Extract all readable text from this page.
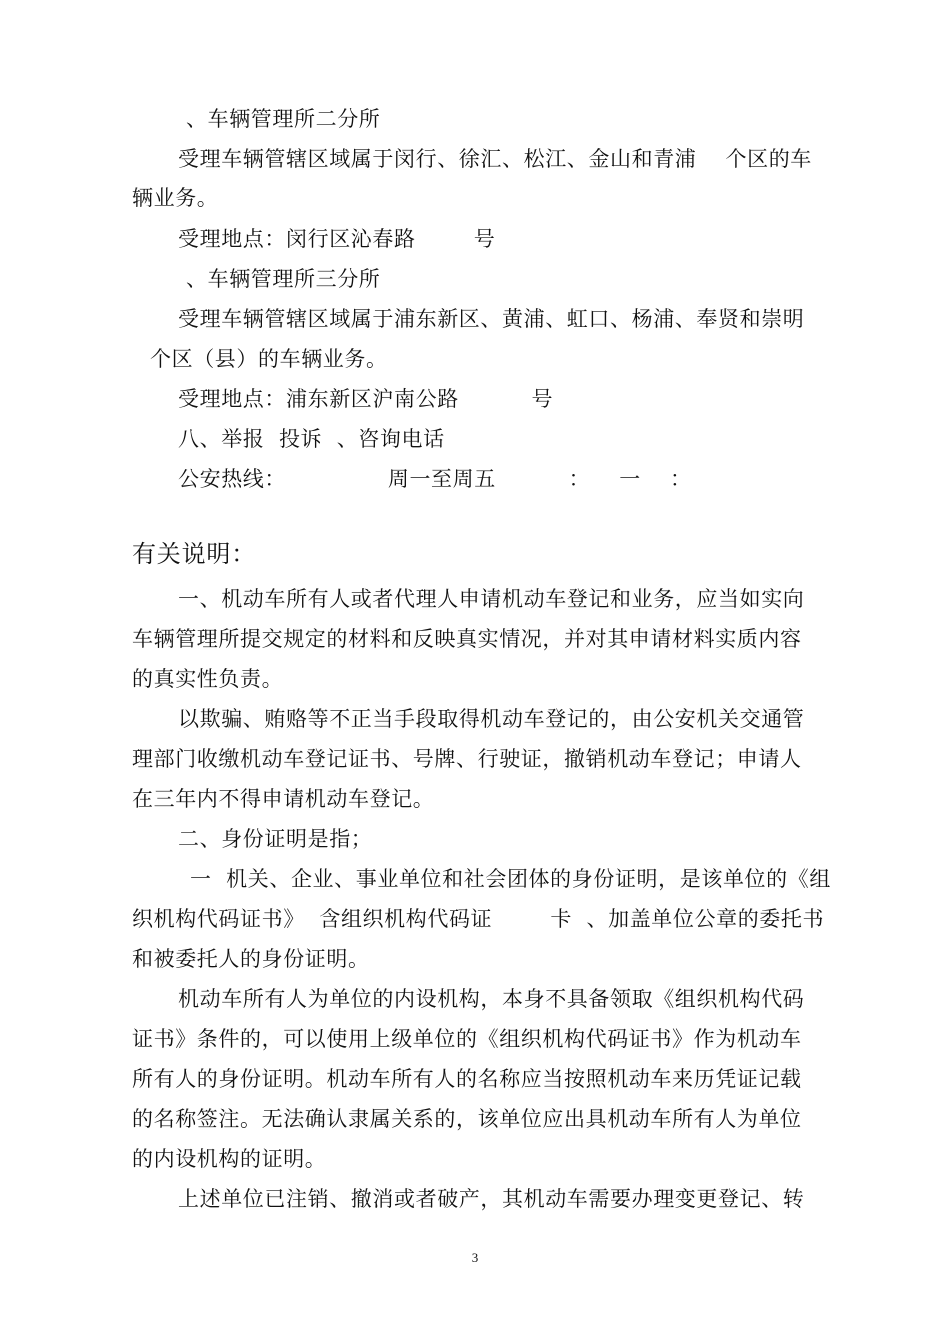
、车辆管理所二分所
受理车辆管辖区域属于闵行、徐汇、松江、金山和青浦    个区的车
辆业务。
受理地点：闵行区沁春路        号
、车辆管理所三分所
受理车辆管辖区域属于浦东新区、黄浦、虹口、杨浦、奉贤和崇明
个区（县）的车辆业务。
受理地点：浦东新区沪南公路          号
八、举报  投诉  、咨询电话
公安热线：              周一至周五          ：    一    ：
有关说明：
一、机动车所有人或者代理人申请机动车登记和业务，应当如实向
车辆管理所提交规定的材料和反映真实情况，并对其申请材料实质内容
的真实性负责。
以欺骗、贿赂等不正当手段取得机动车登记的，由公安机关交通管
理部门收缴机动车登记证书、号牌、行驶证，撤销机动车登记；申请人
在三年内不得申请机动车登记。
二、身份证明是指；
一  机关、企业、事业单位和社会团体的身份证明，是该单位的《组
织机构代码证书》  含组织机构代码证        卡  、加盖单位公章的委托书
和被委托人的身份证明。
机动车所有人为单位的内设机构，本身不具备领取《组织机构代码
证书》条件的，可以使用上级单位的《组织机构代码证书》作为机动车
所有人的身份证明。机动车所有人的名称应当按照机动车来历凭证记载
的名称签注。无法确认隶属关系的，该单位应出具机动车所有人为单位
的内设机构的证明。
上述单位已注销、撤消或者破产，其机动车需要办理变更登记、转
3
